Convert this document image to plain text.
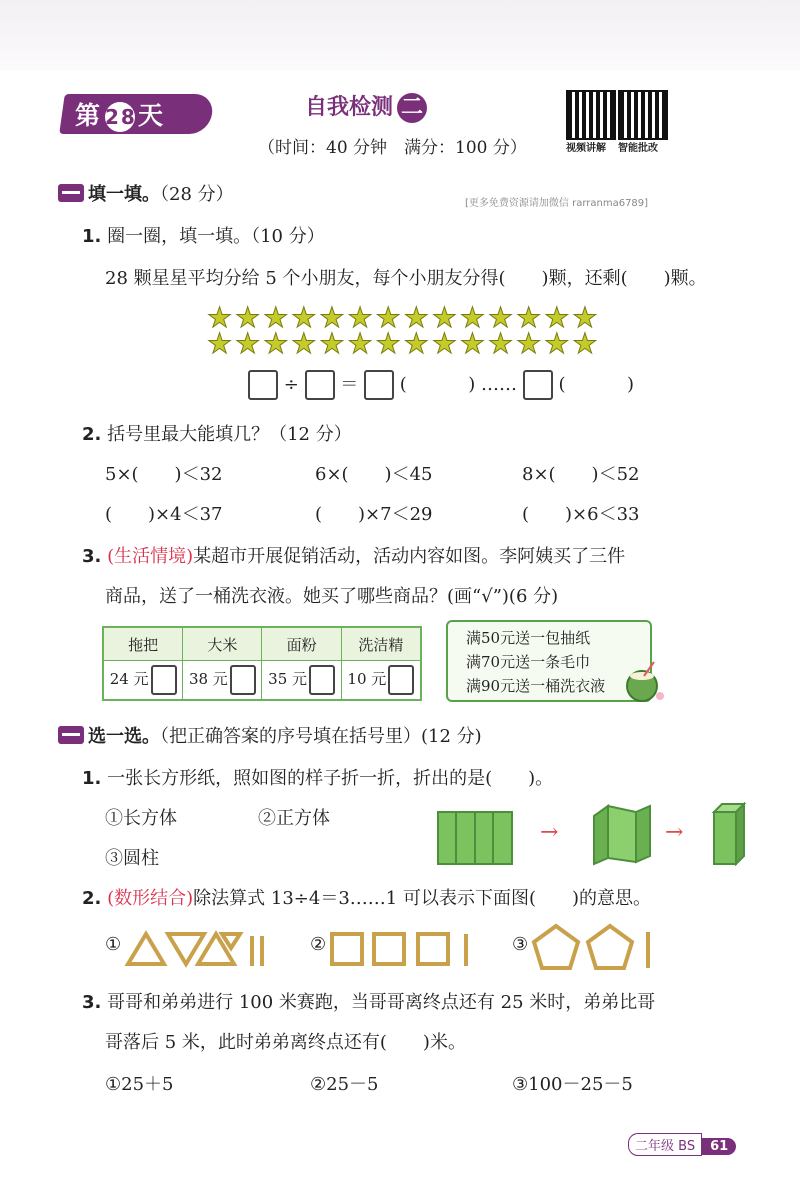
第 28天	自我检测 二
（时间：40 分钟　满分：100 分）	视频讲解 智能批改
[更多免费资源请加微信 rarranma6789]
填一填。（28 分）
1. 圈一圈，填一填。（10 分）
28 颗星星平均分给 5 个小朋友，每个小朋友分得(　　)颗，还剩(　　)颗。
★★★★★★★★★★★★★★
★★★★★★★★★★★★★★
÷ ＝ (	) …… (	)
2. 括号里最大能填几？（12 分）
5×(　　)＜32	6×(　　)＜45	8×(　　)＜52
(　　)×4＜37	(　　)×7＜29	(　　)×6＜33
3. (生活情境)某超市开展促销活动，活动内容如图。李阿姨买了三件
商品，送了一桶洗衣液。她买了哪些商品？(画“√”)(6 分)
拖把	大米	面粉	洗洁精
24 元	38 元	35 元	10 元
满50元送一包抽纸
满70元送一条毛巾
满90元送一桶洗衣液
选一选。（把正确答案的序号填在括号里）(12 分)
1. 一张长方形纸，照如图的样子折一折，折出的是(　　)。
①长方体	②正方体
③圆柱
→	→
2. (数形结合)除法算式 13÷4＝3……1 可以表示下面图(　　)的意思。
①	②	③
3. 哥哥和弟弟进行 100 米赛跑，当哥哥离终点还有 25 米时，弟弟比哥
哥落后 5 米，此时弟弟离终点还有(　　)米。
①25＋5	②25－5	③100－25－5
二年级 BS 61
